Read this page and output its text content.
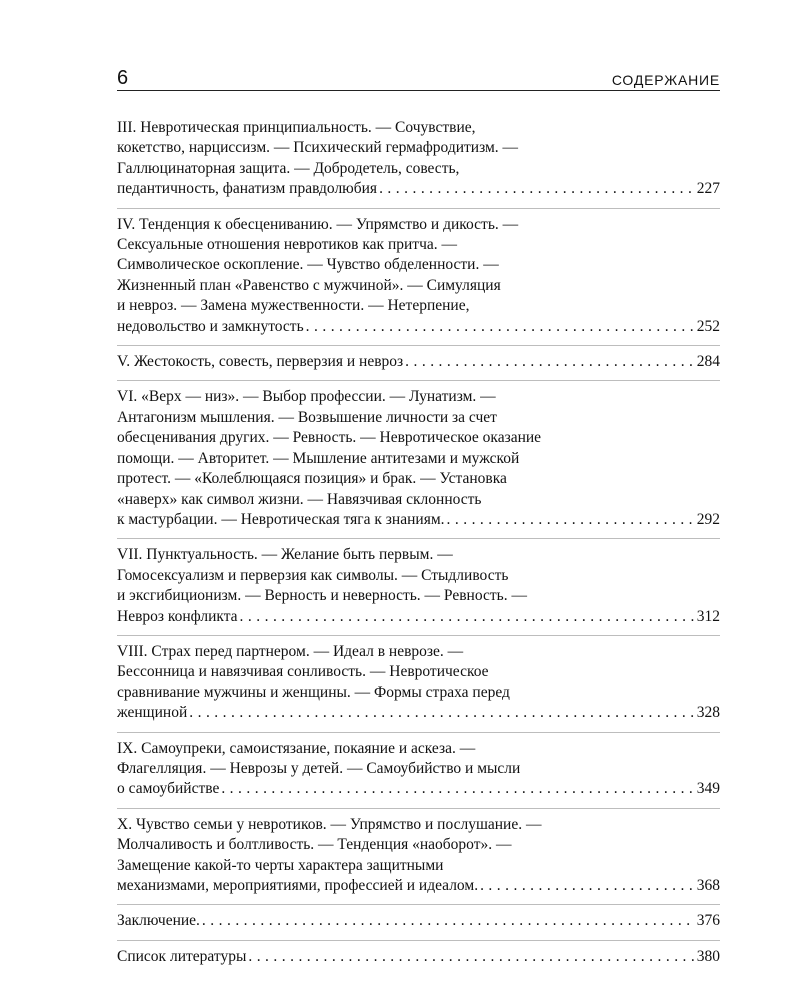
6	СОДЕРЖАНИЕ
III. Невротическая принципиальность. — Сочувствие,
кокетство, нарциссизм. — Психический гермафродитизм. —
Галлюцинаторная защита. — Добродетель, совесть,
педантичность, фанатизм правдолюбия . . .	227
IV. Тенденция к обесцениванию. — Упрямство и дикость. —
Сексуальные отношения невротиков как притча. —
Символическое оскопление. — Чувство обделенности. —
Жизненный план «Равенство с мужчиной». — Симуляция
и невроз. — Замена мужественности. — Нетерпение,
недовольство и замкнутость . . .	252
V. Жестокость, совесть, перверзия и невроз . . .	284
VI. «Верх — низ». — Выбор профессии. — Лунатизм. —
Антагонизм мышления. — Возвышение личности за счет
обесценивания других. — Ревность. — Невротическое оказание
помощи. — Авторитет. — Мышление антитезами и мужской
протест. — «Колеблющаяся позиция» и брак. — Установка
«наверх» как символ жизни. — Навязчивая склонность
к мастурбации. — Невротическая тяга к знаниям. . . .	292
VII. Пунктуальность. — Желание быть первым. —
Гомосексуализм и перверзия как символы. — Стыдливость
и эксгибиционизм. — Верность и неверность. — Ревность. —
Невроз конфликта . . .	312
VIII. Страх перед партнером. — Идеал в неврозе. —
Бессонница и навязчивая сонливость. — Невротическое
сравнивание мужчины и женщины. — Формы страха перед
женщиной . . .	328
IX. Самоупреки, самоистязание, покаяние и аскеза. —
Флагелляция. — Неврозы у детей. — Самоубийство и мысли
о самоубийстве . . .	349
X. Чувство семьи у невротиков. — Упрямство и послушание. —
Молчаливость и болтливость. — Тенденция «наоборот». —
Замещение какой-то черты характера защитными
механизмами, мероприятиями, профессией и идеалом. . . .	368
Заключение. . . .	376
Список литературы . . .	380
